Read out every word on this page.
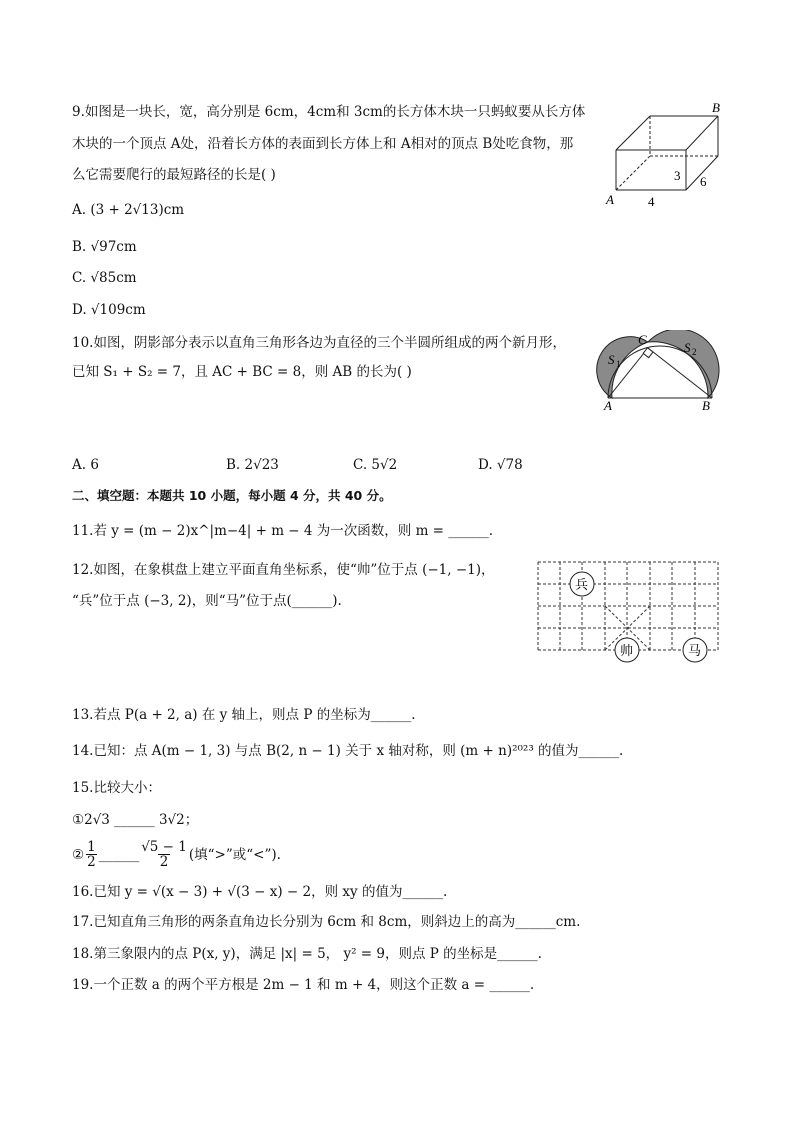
9.如图是一块长，宽，高分别是 6cm，4cm和 3cm的长方体木块一只蚂蚁要从长方体
木块的一个顶点 A处，沿着长方体的表面到长方体上和 A相对的顶点 B处吃食物，那
么它需要爬行的最短路径的长是( )
A. (3 + 2√13)cm
B. √97cm
C. √85cm
D. √109cm
B
A	4
3 6
10.如图，阴影部分表示以直角三角形各边为直径的三个半圆所组成的两个新月形，
已知 S₁ + S₂ = 7，且 AC + BC = 8，则 AB 的长为( )
C
S 1
S 2
A	B
A. 6	B. 2√23	C. 5√2	D. √78
二、填空题：本题共 10 小题，每小题 4 分，共 40 分。
11.若 y = (m − 2)x^|m−4| + m − 4 为一次函数，则 m = ______.
12.如图，在象棋盘上建立平面直角坐标系，使“帅”位于点 (−1, −1)，
“兵”位于点 (−3, 2)，则“马”位于点(______).
兵
帅	马
13.若点 P(a + 2, a) 在 y 轴上，则点 P 的坐标为______.
14.已知：点 A(m − 1, 3) 与点 B(2, n − 1) 关于 x 轴对称，则 (m + n)²⁰²³ 的值为______.
15.比较大小：
①2√3 ______ 3√2；
② $\frac{1}{2}$ ______ $\frac{√5 - 1}{2}$ (填“>”或“<”).
16.已知 y = √(x − 3) + √(3 − x) − 2，则 xy 的值为______.
17.已知直角三角形的两条直角边长分别为 6cm 和 8cm，则斜边上的高为______cm.
18.第三象限内的点 P(x, y)，满足 |x| = 5， y² = 9，则点 P 的坐标是______.
19.一个正数 a 的两个平方根是 2m − 1 和 m + 4，则这个正数 a = ______.
